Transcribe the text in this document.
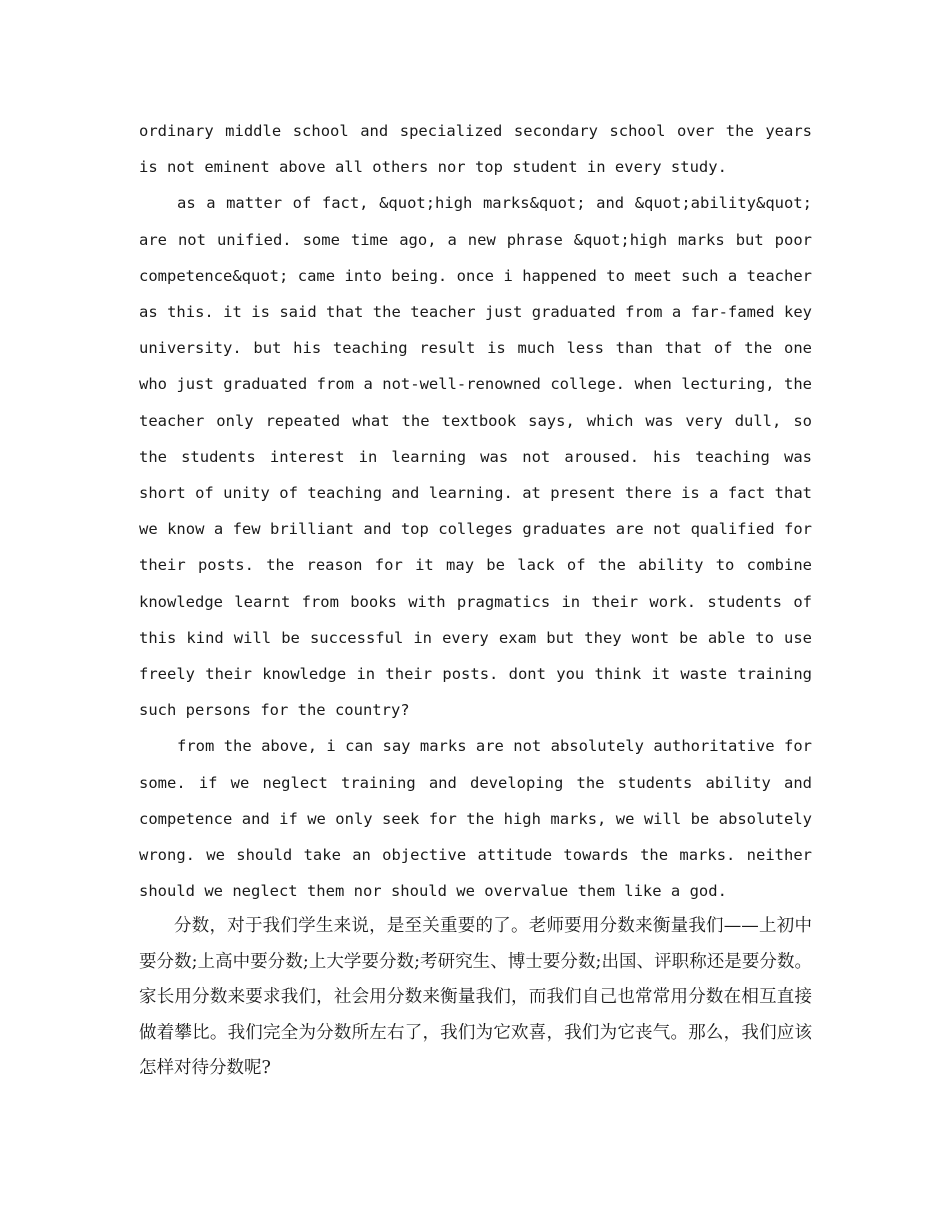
ordinary middle school and specialized secondary school over the years is not eminent above all others nor top student in every study.

as a matter of fact, &quot;high marks&quot; and &quot;ability&quot; are not unified. some time ago, a new phrase &quot;high marks but poor competence&quot; came into being. once i happened to meet such a teacher as this. it is said that the teacher just graduated from a far-famed key university. but his teaching result is much less than that of the one who just graduated from a not-well-renowned college. when lecturing, the teacher only repeated what the textbook says, which was very dull, so the students interest in learning was not aroused. his teaching was short of unity of teaching and learning. at present there is a fact that we know a few brilliant and top colleges graduates are not qualified for their posts. the reason for it may be lack of the ability to combine knowledge learnt from books with pragmatics in their work. students of this kind will be successful in every exam but they wont be able to use freely their knowledge in their posts. dont you think it waste training such persons for the country?

from the above, i can say marks are not absolutely authoritative for some. if we neglect training and developing the students ability and competence and if we only seek for the high marks, we will be absolutely wrong. we should take an objective attitude towards the marks. neither should we neglect them nor should we overvalue them like a god.

分数，对于我们学生来说，是至关重要的了。老师要用分数来衡量我们——上初中要分数;上高中要分数;上大学要分数;考研究生、博士要分数;出国、评职称还是要分数。家长用分数来要求我们，社会用分数来衡量我们，而我们自己也常常用分数在相互直接做着攀比。我们完全为分数所左右了，我们为它欢喜，我们为它丧气。那么，我们应该怎样对待分数呢?
